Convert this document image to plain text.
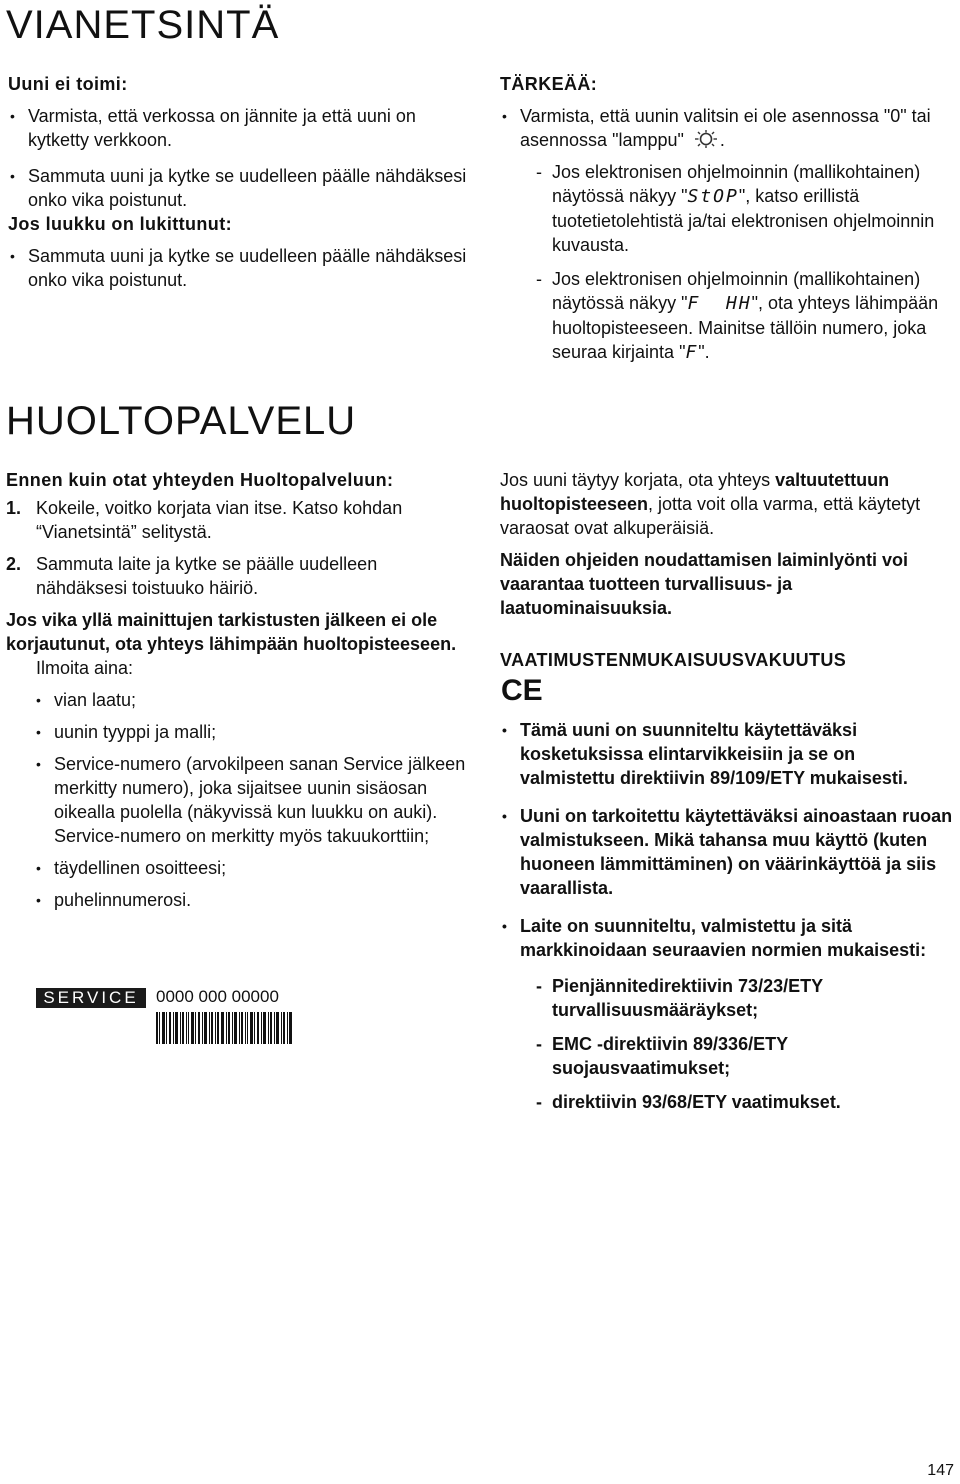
VIANETSINTÄ

Uuni ei toimi:

• Varmista, että verkossa on jännite ja että uuni on kytketty verkkoon.
• Sammuta uuni ja kytke se uudelleen päälle nähdäksesi onko vika poistunut.

Jos luukku on lukittunut:

• Sammuta uuni ja kytke se uudelleen päälle nähdäksesi onko vika poistunut.

TÄRKEÄÄ:

• Varmista, että uunin valitsin ei ole asennossa "0" tai asennossa "lamppu" .
- Jos elektronisen ohjelmoinnin (mallikohtainen) näytössä näkyy "StOP", katso erillistä tuotetietolehtistä ja/tai elektronisen ohjelmoinnin kuvausta.
- Jos elektronisen ohjelmoinnin (mallikohtainen) näytössä näkyy "F  HH", ota yhteys lähimpään huoltopisteeseen. Mainitse tällöin numero, joka seuraa kirjainta "F".
HUOLTOPALVELU

Ennen kuin otat yhteyden Huoltopalveluun:

1. Kokeile, voitko korjata vian itse. Katso kohdan “Vianetsintä” selitystä.
2. Sammuta laite ja kytke se päälle uudelleen nähdäksesi toistuuko häiriö.

Jos vika yllä mainittujen tarkistusten jälkeen ei ole korjautunut, ota yhteys lähimpään huoltopisteeseen.

Ilmoita aina:

• vian laatu;
• uunin tyyppi ja malli;
• Service-numero (arvokilpeen sanan Service jälkeen merkitty numero), joka sijaitsee uunin sisäosan oikealla puolella (näkyvissä kun luukku on auki). Service-numero on merkitty myös takuukorttiin;
• täydellinen osoitteesi;
• puhelinnumerosi.
SERVICE	0000 000 00000

Jos uuni täytyy korjata, ota yhteys valtuutettuun huoltopisteeseen, jotta voit olla varma, että käytetyt varaosat ovat alkuperäisiä.

Näiden ohjeiden noudattamisen laiminlyönti voi vaarantaa tuotteen turvallisuus- ja laatuominaisuuksia.

VAATIMUSTENMUKAISUUSVAKUUTUS

CE
• Tämä uuni on suunniteltu käytettäväksi kosketuksissa elintarvikkeisiin ja se on valmistettu direktiivin 89/109/ETY mukaisesti.
• Uuni on tarkoitettu käytettäväksi ainoastaan ruoan valmistukseen. Mikä tahansa muu käyttö (kuten huoneen lämmittäminen) on väärinkäyttöä ja siis vaarallista.
• Laite on suunniteltu, valmistettu ja sitä markkinoidaan seuraavien normien mukaisesti:
- Pienjännitedirektiivin 73/23/ETY turvallisuusmääräykset;
- EMC -direktiivin 89/336/ETY suojausvaatimukset;
- direktiivin 93/68/ETY vaatimukset.
147
